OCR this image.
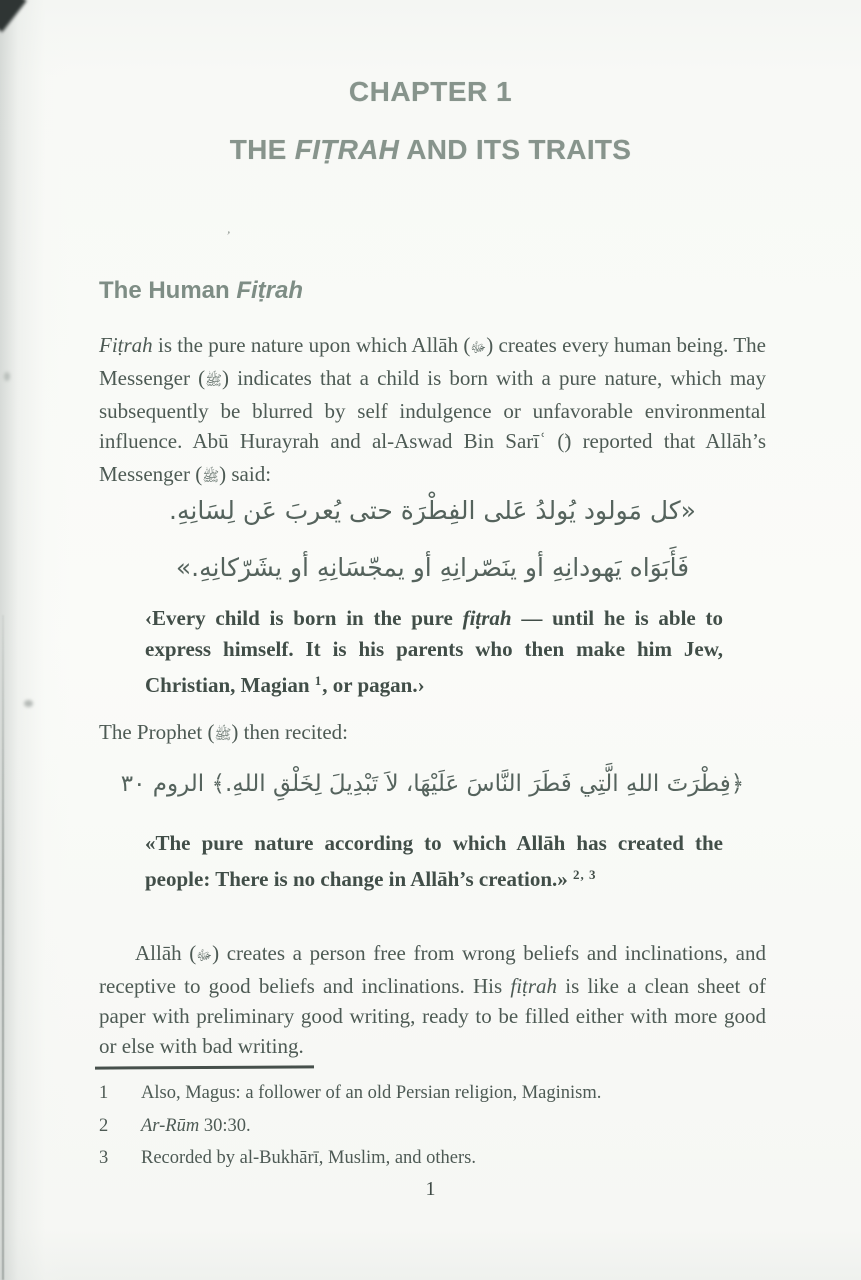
ʼ
CHAPTER 1
THE FIṬRAH AND ITS TRAITS
The Human Fiṭrah
Fiṭrah is the pure nature upon which Allāh (ﷻ) creates every human being. The Messenger (ﷺ) indicates that a child is born with a pure nature, which may subsequently be blurred by self indulgence or unfavorable environmental influence. Abū Hurayrah and al-Aswad Bin Sarīʿ () reported that Allāh’s Messenger (ﷺ) said:
«كل مَولود يُولدُ عَلى الفِطْرَة حتى يُعربَ عَن لِسَانِهِ.
فَأَبَوَاه يَهودانِهِ أو ينَصّرانِهِ أو يمجّسَانِهِ أو يشَرّكانِهِ.»
‹Every child is born in the pure fiṭrah — until he is able to express himself. It is his parents who then make him Jew, Christian, Magian $^1$, or pagan.›
The Prophet (ﷺ) then recited:
﴿فِطْرَتَ اللهِ الَّتِي فَطَرَ النَّاسَ عَلَيْهَا، لاَ تَبْدِيلَ لِخَلْقِ اللهِ.﴾ الروم ٣٠
«The pure nature according to which Allāh has created the people: There is no change in Allāh’s creation.» $^{2, 3}$
Allāh (ﷻ) creates a person free from wrong beliefs and inclinations, and receptive to good beliefs and inclinations. His fiṭrah is like a clean sheet of paper with preliminary good writing, ready to be filled either with more good or else with bad writing.
1	Also, Magus: a follower of an old Persian religion, Maginism.
2	Ar-Rūm 30:30.
3	Recorded by al-Bukhārī, Muslim, and others.
1
